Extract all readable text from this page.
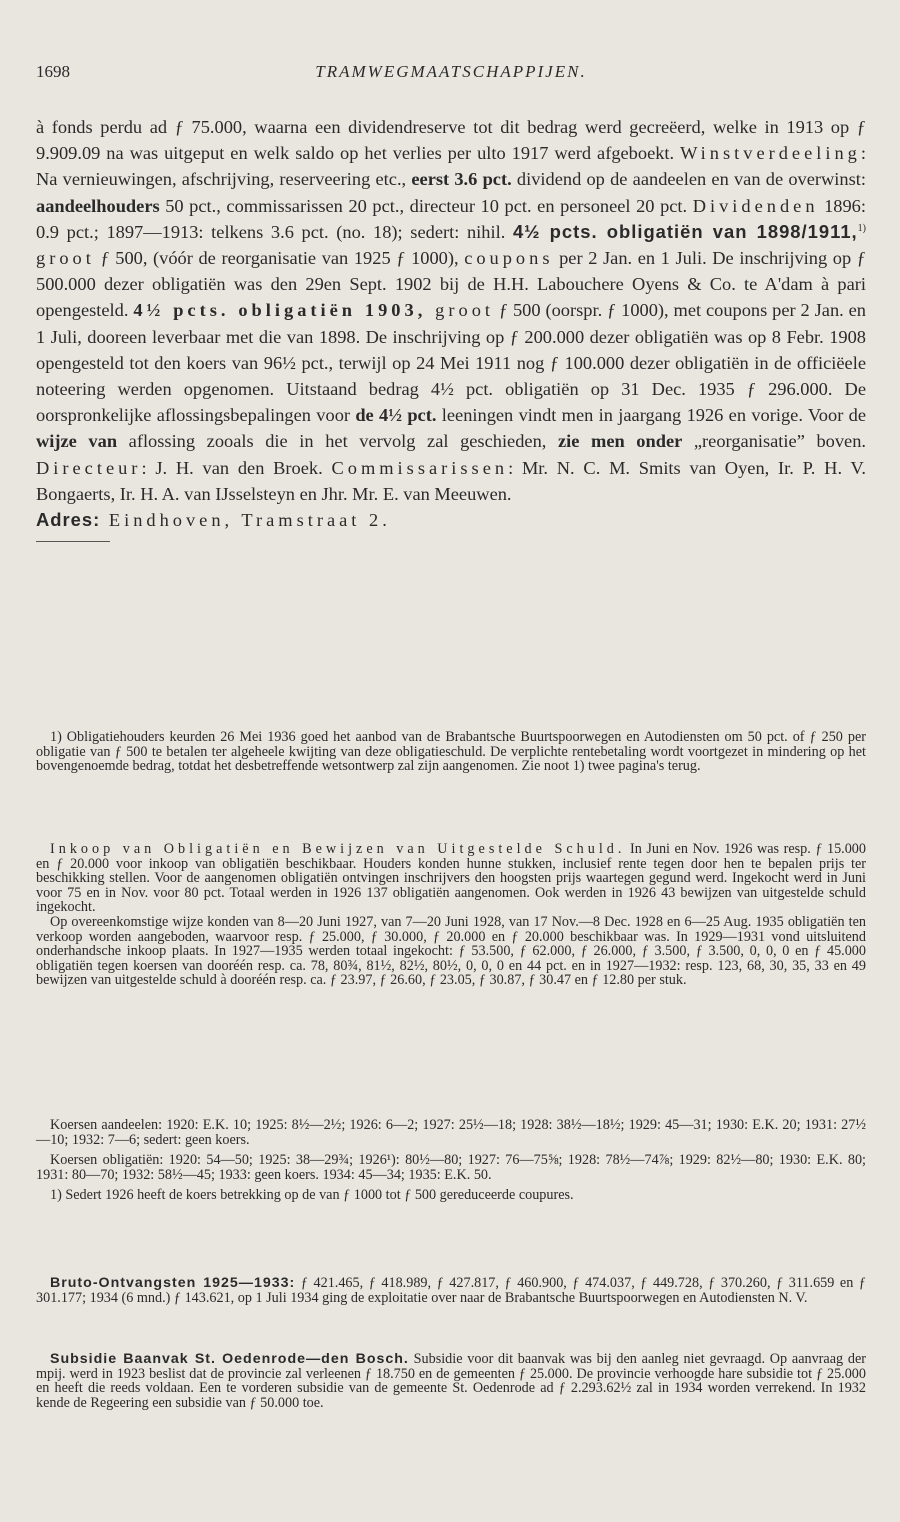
1698	TRAMWEGMAATSCHAPPIJEN.

à fonds perdu ad ƒ 75.000, waarna een dividendreserve tot dit bedrag werd gecreëerd, welke in 1913 op ƒ 9.909.09 na was uitgeput en welk saldo op het verlies per ulto 1917 werd afgeboekt. Winstverdeeling: Na vernieuwingen, afschrijving, reserveering etc., eerst 3.6 pct. dividend op de aandeelen en van de overwinst: aandeelhouders 50 pct., commissarissen 20 pct., directeur 10 pct. en personeel 20 pct. Dividenden 1896: 0.9 pct.; 1897—1913: telkens 3.6 pct. (no. 18); sedert: nihil. 4½ pcts. obligatiën van 1898/1911,$^{1)}$ groot ƒ 500, (vóór de reorganisatie van 1925 ƒ 1000), coupons per 2 Jan. en 1 Juli. De inschrijving op ƒ 500.000 dezer obligatiën was den 29en Sept. 1902 bij de H.H. Labouchere Oyens & Co. te A'dam à pari opengesteld. 4½ pcts. obligatiën 1903, groot ƒ 500 (oorspr. ƒ 1000), met coupons per 2 Jan. en 1 Juli, dooreen leverbaar met die van 1898. De inschrijving op ƒ 200.000 dezer obligatiën was op 8 Febr. 1908 opengesteld tot den koers van 96½ pct., terwijl op 24 Mei 1911 nog ƒ 100.000 dezer obligatiën in de officiëele noteering werden opgenomen. Uitstaand bedrag 4½ pct. obligatiën op 31 Dec. 1935 ƒ 296.000. De oorspronkelijke aflossingsbepalingen voor de 4½ pct. leeningen vindt men in jaargang 1926 en vorige. Voor de wijze van aflossing zooals die in het vervolg zal geschieden, zie men onder „reorganisatie” boven. Directeur: J. H. van den Broek. Commissarissen: Mr. N. C. M. Smits van Oyen, Ir. P. H. V. Bongaerts, Ir. H. A. van IJsselsteyn en Jhr. Mr. E. van Meeuwen.

Adres: Eindhoven, Tramstraat 2.

1) Obligatiehouders keurden 26 Mei 1936 goed het aanbod van de Brabantsche Buurtspoorwegen en Autodiensten om 50 pct. of ƒ 250 per obligatie van ƒ 500 te betalen ter algeheele kwijting van deze obligatieschuld. De verplichte rentebetaling wordt voortgezet in mindering op het bovengenoemde bedrag, totdat het desbetreffende wetsontwerp zal zijn aangenomen. Zie noot 1) twee pagina's terug.

Inkoop van Obligatiën en Bewijzen van Uitgestelde Schuld. In Juni en Nov. 1926 was resp. ƒ 15.000 en ƒ 20.000 voor inkoop van obligatiën beschikbaar. Houders konden hunne stukken, inclusief rente tegen door hen te bepalen prijs ter beschikking stellen. Voor de aangenomen obligatiën ontvingen inschrijvers den hoogsten prijs waartegen gegund werd. Ingekocht werd in Juni voor 75 en in Nov. voor 80 pct. Totaal werden in 1926 137 obligatiën aangenomen. Ook werden in 1926 43 bewijzen van uitgestelde schuld ingekocht.

Op overeenkomstige wijze konden van 8—20 Juni 1927, van 7—20 Juni 1928, van 17 Nov.—8 Dec. 1928 en 6—25 Aug. 1935 obligatiën ten verkoop worden aangeboden, waarvoor resp. ƒ 25.000, ƒ 30.000, ƒ 20.000 en ƒ 20.000 beschikbaar was. In 1929—1931 vond uitsluitend onderhandsche inkoop plaats. In 1927—1935 werden totaal ingekocht: ƒ 53.500, ƒ 62.000, ƒ 26.000, ƒ 3.500, ƒ 3.500, 0, 0, 0 en ƒ 45.000 obligatiën tegen koersen van dooréén resp. ca. 78, 80¾, 81½, 82½, 80½, 0, 0, 0 en 44 pct. en in 1927—1932: resp. 123, 68, 30, 35, 33 en 49 bewijzen van uitgestelde schuld à dooréén resp. ca. ƒ 23.97, ƒ 26.60, ƒ 23.05, ƒ 30.87, ƒ 30.47 en ƒ 12.80 per stuk.

Koersen aandeelen: 1920: E.K. 10; 1925: 8½—2½; 1926: 6—2; 1927: 25½—18; 1928: 38½—18½; 1929: 45—31; 1930: E.K. 20; 1931: 27½—10; 1932: 7—6; sedert: geen koers.

Koersen obligatiën: 1920: 54—50; 1925: 38—29¾; 1926¹): 80½—80; 1927: 76—75⅝; 1928: 78½—74⅞; 1929: 82½—80; 1930: E.K. 80; 1931: 80—70; 1932: 58½—45; 1933: geen koers. 1934: 45—34; 1935: E.K. 50.

1) Sedert 1926 heeft de koers betrekking op de van ƒ 1000 tot ƒ 500 gereduceerde coupures.

Bruto-Ontvangsten 1925—1933: ƒ 421.465, ƒ 418.989, ƒ 427.817, ƒ 460.900, ƒ 474.037, ƒ 449.728, ƒ 370.260, ƒ 311.659 en ƒ 301.177; 1934 (6 mnd.) ƒ 143.621, op 1 Juli 1934 ging de exploitatie over naar de Brabantsche Buurtspoorwegen en Autodiensten N. V.

Subsidie Baanvak St. Oedenrode—den Bosch. Subsidie voor dit baanvak was bij den aanleg niet gevraagd. Op aanvraag der mpij. werd in 1923 beslist dat de provincie zal verleenen ƒ 18.750 en de gemeenten ƒ 25.000. De provincie verhoogde hare subsidie tot ƒ 25.000 en heeft die reeds voldaan. Een te vorderen subsidie van de gemeente St. Oedenrode ad ƒ 2.293.62½ zal in 1934 worden verrekend. In 1932 kende de Regeering een subsidie van ƒ 50.000 toe.
